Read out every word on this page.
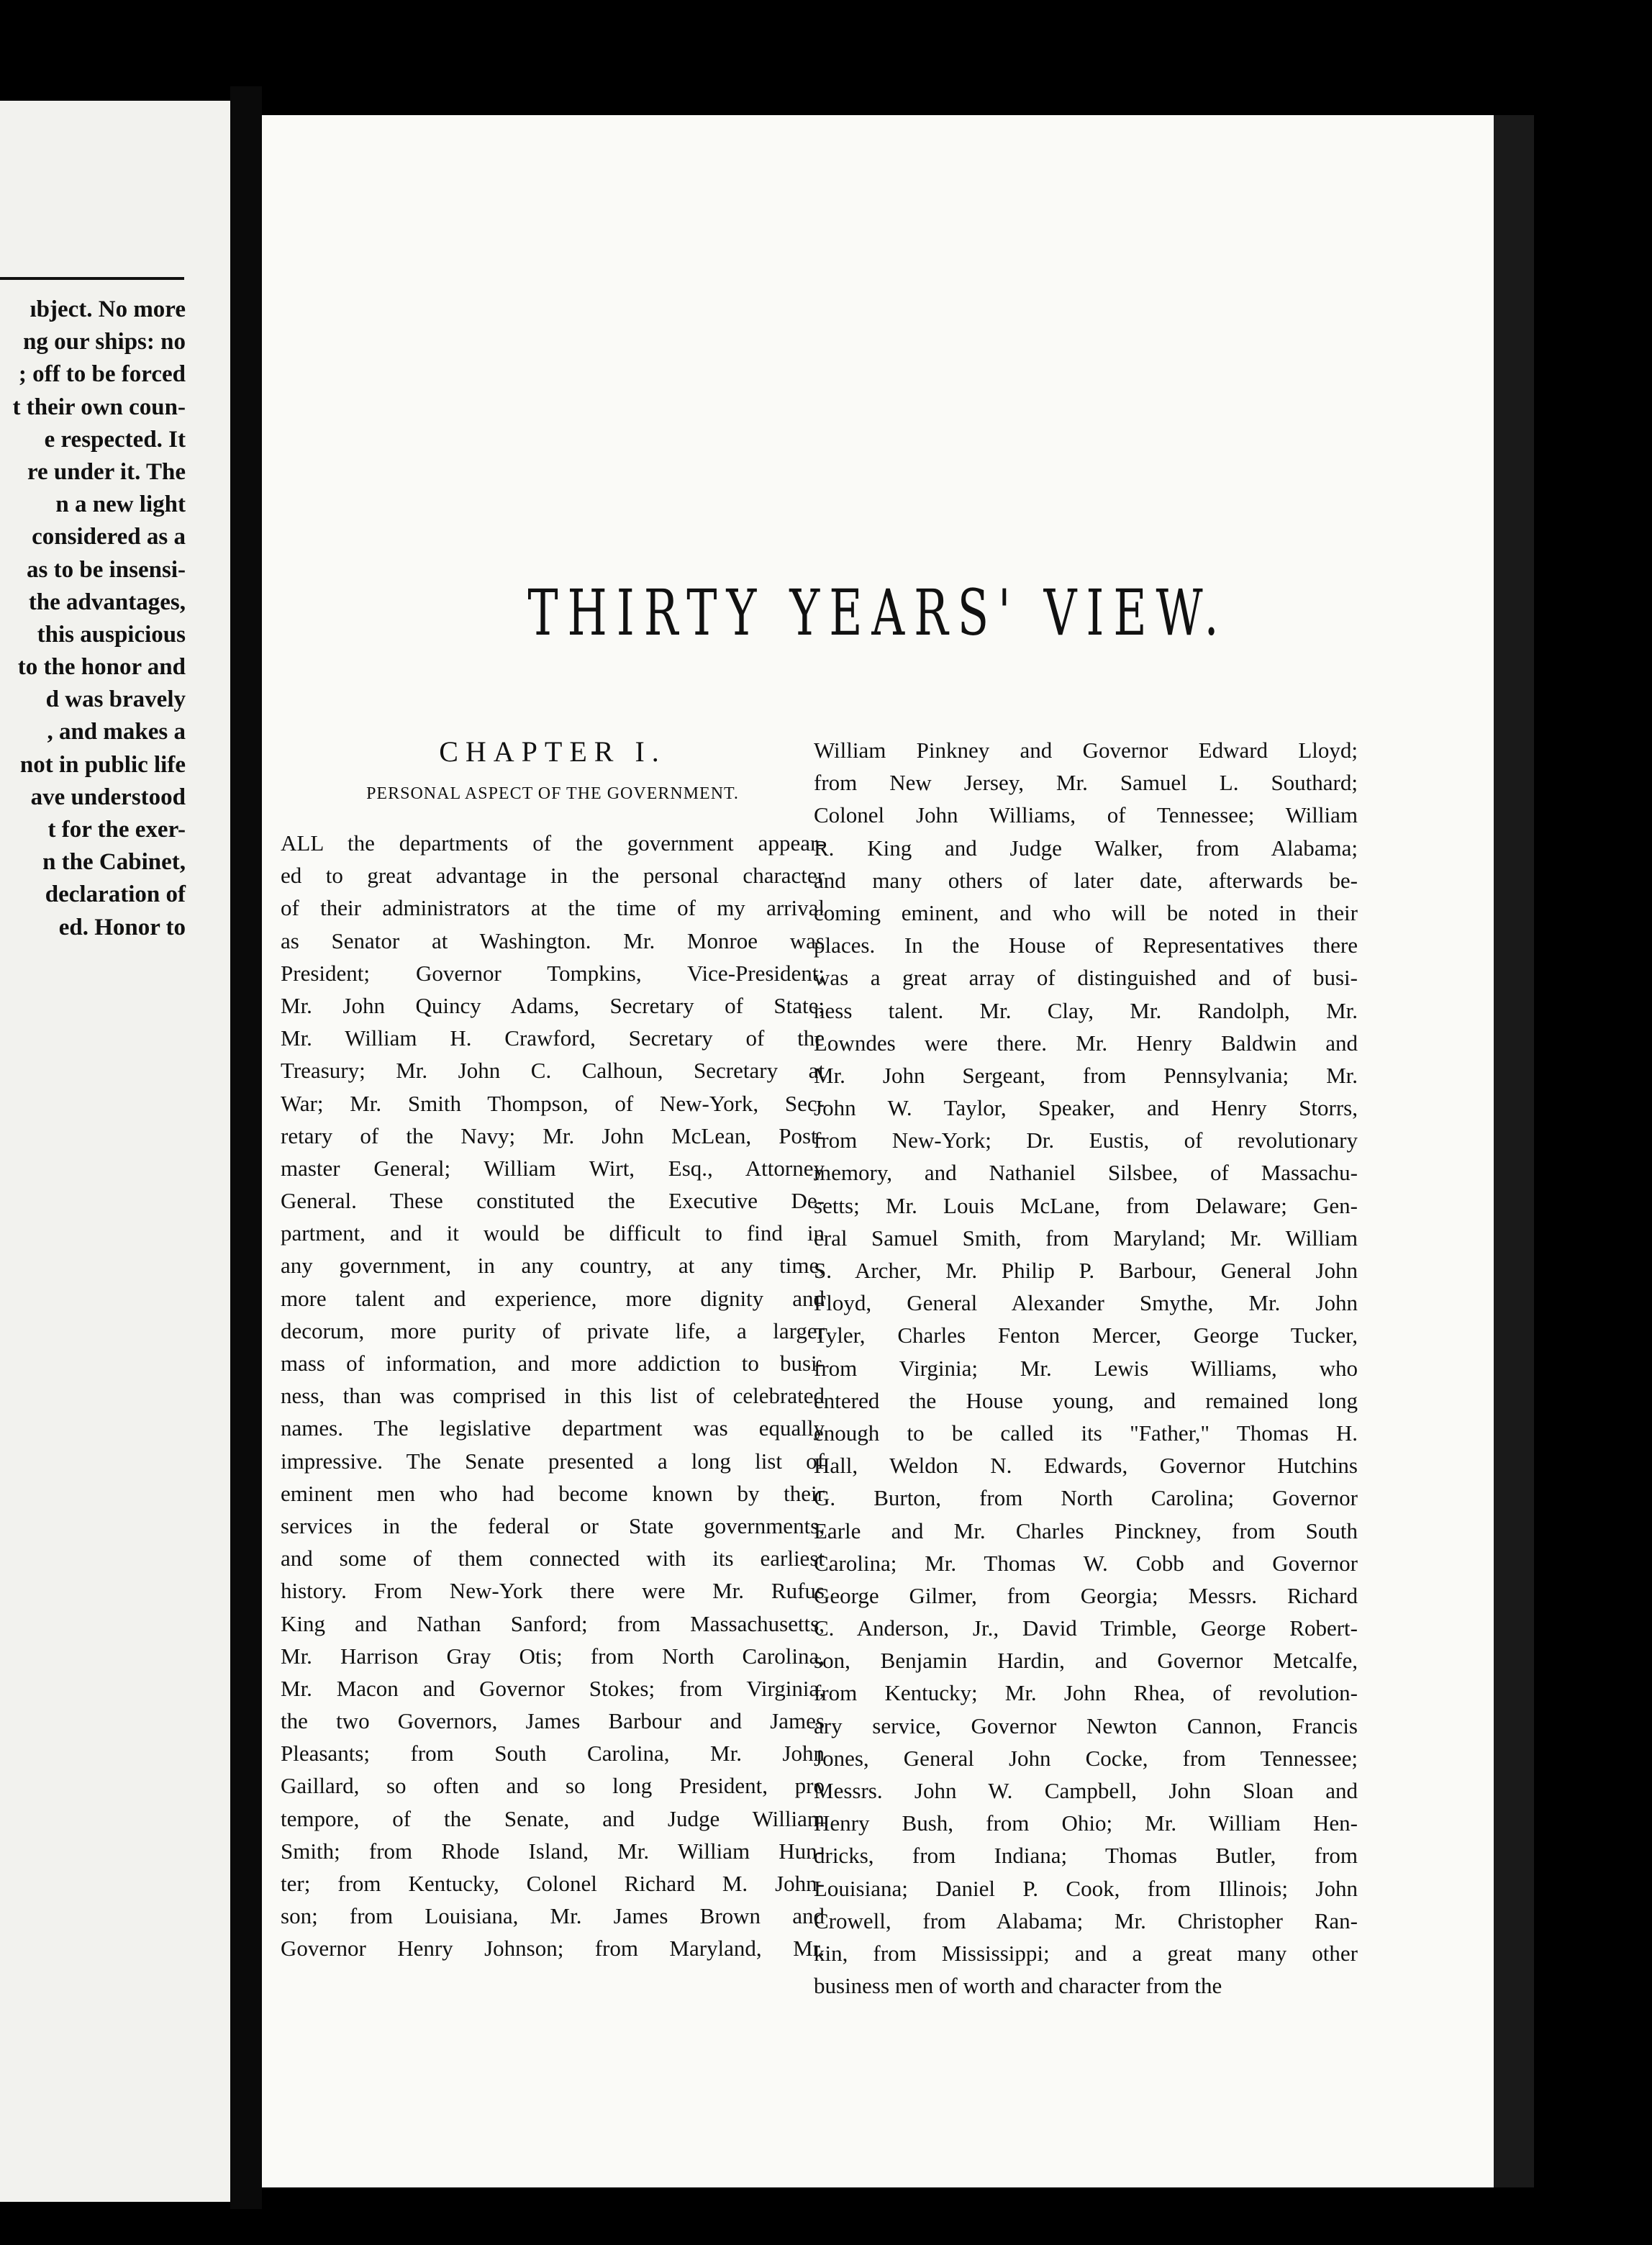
ıbject. No more
ng our ships: no
; off to be forced
t their own coun-
e respected. It
re under it. The
n a new light
considered as a
as to be insensi-
the advantages,
this auspicious
to the honor and
d was bravely
, and makes a
not in public life
ave understood
t for the exer-
n the Cabinet,
declaration of
ed. Honor to
THIRTY YEARS' VIEW.
CHAPTER I.
PERSONAL ASPECT OF THE GOVERNMENT.
ALL the departments of the government appear-
ed to great advantage in the personal character
of their administrators at the time of my arrival
as Senator at Washington. Mr. Monroe was
President; Governor Tompkins, Vice-President;
Mr. John Quincy Adams, Secretary of State;
Mr. William H. Crawford, Secretary of the
Treasury; Mr. John C. Calhoun, Secretary at
War; Mr. Smith Thompson, of New-York, Sec-
retary of the Navy; Mr. John McLean, Post-
master General; William Wirt, Esq., Attorney
General. These constituted the Executive De-
partment, and it would be difficult to find in
any government, in any country, at any time,
more talent and experience, more dignity and
decorum, more purity of private life, a larger
mass of information, and more addiction to busi-
ness, than was comprised in this list of celebrated
names. The legislative department was equally
impressive. The Senate presented a long list of
eminent men who had become known by their
services in the federal or State governments,
and some of them connected with its earliest
history. From New-York there were Mr. Rufus
King and Nathan Sanford; from Massachusetts,
Mr. Harrison Gray Otis; from North Carolina,
Mr. Macon and Governor Stokes; from Virginia,
the two Governors, James Barbour and James
Pleasants; from South Carolina, Mr. John
Gaillard, so often and so long President, pro
tempore, of the Senate, and Judge William
Smith; from Rhode Island, Mr. William Hun-
ter; from Kentucky, Colonel Richard M. John-
son; from Louisiana, Mr. James Brown and
Governor Henry Johnson; from Maryland, Mr.
William Pinkney and Governor Edward Lloyd;
from New Jersey, Mr. Samuel L. Southard;
Colonel John Williams, of Tennessee; William
R. King and Judge Walker, from Alabama;
and many others of later date, afterwards be-
coming eminent, and who will be noted in their
places. In the House of Representatives there
was a great array of distinguished and of busi-
ness talent. Mr. Clay, Mr. Randolph, Mr.
Lowndes were there. Mr. Henry Baldwin and
Mr. John Sergeant, from Pennsylvania; Mr.
John W. Taylor, Speaker, and Henry Storrs,
from New-York; Dr. Eustis, of revolutionary
memory, and Nathaniel Silsbee, of Massachu-
setts; Mr. Louis McLane, from Delaware; Gen-
eral Samuel Smith, from Maryland; Mr. William
S. Archer, Mr. Philip P. Barbour, General John
Floyd, General Alexander Smythe, Mr. John
Tyler, Charles Fenton Mercer, George Tucker,
from Virginia; Mr. Lewis Williams, who
entered the House young, and remained long
enough to be called its "Father," Thomas H.
Hall, Weldon N. Edwards, Governor Hutchins
G. Burton, from North Carolina; Governor
Earle and Mr. Charles Pinckney, from South
Carolina; Mr. Thomas W. Cobb and Governor
George Gilmer, from Georgia; Messrs. Richard
C. Anderson, Jr., David Trimble, George Robert-
son, Benjamin Hardin, and Governor Metcalfe,
from Kentucky; Mr. John Rhea, of revolution-
ary service, Governor Newton Cannon, Francis
Jones, General John Cocke, from Tennessee;
Messrs. John W. Campbell, John Sloan and
Henry Bush, from Ohio; Mr. William Hen-
dricks, from Indiana; Thomas Butler, from
Louisiana; Daniel P. Cook, from Illinois; John
Crowell, from Alabama; Mr. Christopher Ran-
kin, from Mississippi; and a great many other
business men of worth and character from the
